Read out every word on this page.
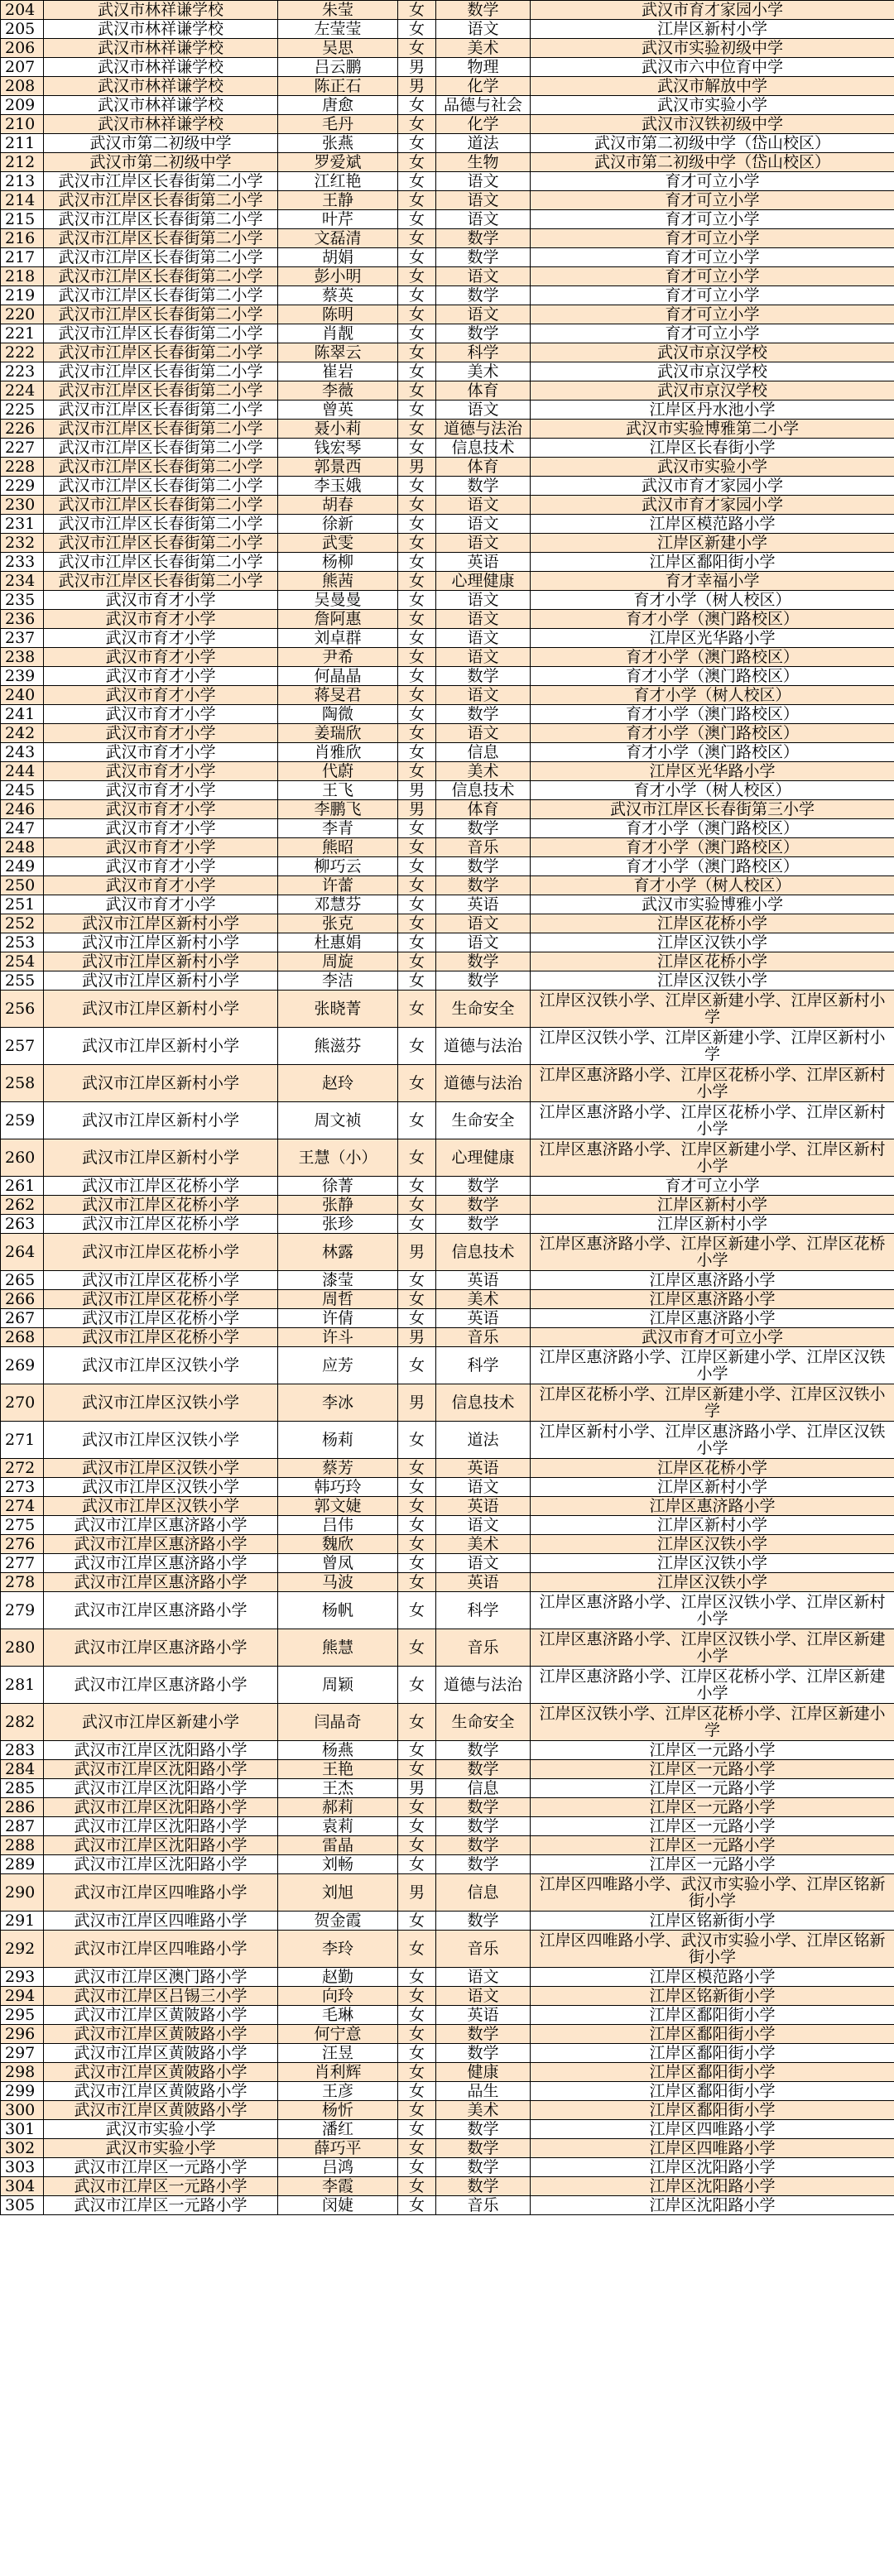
204	武汉市林祥谦学校	朱莹	女	数学	武汉市育才家园小学
205	武汉市林祥谦学校	左莹莹	女	语文	江岸区新村小学
206	武汉市林祥谦学校	吴思	女	美术	武汉市实验初级中学
207	武汉市林祥谦学校	吕云鹏	男	物理	武汉市六中位育中学
208	武汉市林祥谦学校	陈正石	男	化学	武汉市解放中学
209	武汉市林祥谦学校	唐愈	女	品德与社会	武汉市实验小学
210	武汉市林祥谦学校	毛丹	女	化学	武汉市汉铁初级中学
211	武汉市第二初级中学	张燕	女	道法	武汉市第二初级中学（岱山校区）
212	武汉市第二初级中学	罗爱斌	女	生物	武汉市第二初级中学（岱山校区）
213	武汉市江岸区长春街第二小学	江红艳	女	语文	育才可立小学
214	武汉市江岸区长春街第二小学	王静	女	语文	育才可立小学
215	武汉市江岸区长春街第二小学	叶芹	女	语文	育才可立小学
216	武汉市江岸区长春街第二小学	文磊清	女	数学	育才可立小学
217	武汉市江岸区长春街第二小学	胡娟	女	数学	育才可立小学
218	武汉市江岸区长春街第二小学	彭小明	女	语文	育才可立小学
219	武汉市江岸区长春街第二小学	蔡英	女	数学	育才可立小学
220	武汉市江岸区长春街第二小学	陈明	女	语文	育才可立小学
221	武汉市江岸区长春街第二小学	肖靓	女	数学	育才可立小学
222	武汉市江岸区长春街第二小学	陈翠云	女	科学	武汉市京汉学校
223	武汉市江岸区长春街第二小学	崔岩	女	美术	武汉市京汉学校
224	武汉市江岸区长春街第二小学	李薇	女	体育	武汉市京汉学校
225	武汉市江岸区长春街第二小学	曾英	女	语文	江岸区丹水池小学
226	武汉市江岸区长春街第二小学	聂小莉	女	道德与法治	武汉市实验博雅第二小学
227	武汉市江岸区长春街第二小学	钱宏琴	女	信息技术	江岸区长春街小学
228	武汉市江岸区长春街第二小学	郭景西	男	体育	武汉市实验小学
229	武汉市江岸区长春街第二小学	李玉娥	女	数学	武汉市育才家园小学
230	武汉市江岸区长春街第二小学	胡春	女	语文	武汉市育才家园小学
231	武汉市江岸区长春街第二小学	徐新	女	语文	江岸区模范路小学
232	武汉市江岸区长春街第二小学	武雯	女	语文	江岸区新建小学
233	武汉市江岸区长春街第二小学	杨柳	女	英语	江岸区鄱阳街小学
234	武汉市江岸区长春街第二小学	熊茜	女	心理健康	育才幸福小学
235	武汉市育才小学	吴曼曼	女	语文	育才小学（树人校区）
236	武汉市育才小学	詹阿惠	女	语文	育才小学（澳门路校区）
237	武汉市育才小学	刘卓群	女	语文	江岸区光华路小学
238	武汉市育才小学	尹希	女	语文	育才小学（澳门路校区）
239	武汉市育才小学	何晶晶	女	数学	育才小学（澳门路校区）
240	武汉市育才小学	蒋旻君	女	语文	育才小学（树人校区）
241	武汉市育才小学	陶微	女	数学	育才小学（澳门路校区）
242	武汉市育才小学	姜瑞欣	女	语文	育才小学（澳门路校区）
243	武汉市育才小学	肖雅欣	女	信息	育才小学（澳门路校区）
244	武汉市育才小学	代蔚	女	美术	江岸区光华路小学
245	武汉市育才小学	王飞	男	信息技术	育才小学（树人校区）
246	武汉市育才小学	李鹏飞	男	体育	武汉市江岸区长春街第三小学
247	武汉市育才小学	李青	女	数学	育才小学（澳门路校区）
248	武汉市育才小学	熊昭	女	音乐	育才小学（澳门路校区）
249	武汉市育才小学	柳巧云	女	数学	育才小学（澳门路校区）
250	武汉市育才小学	许蕾	女	数学	育才小学（树人校区）
251	武汉市育才小学	邓慧芬	女	英语	武汉市实验博雅小学
252	武汉市江岸区新村小学	张克	女	语文	江岸区花桥小学
253	武汉市江岸区新村小学	杜惠娟	女	语文	江岸区汉铁小学
254	武汉市江岸区新村小学	周旋	女	数学	江岸区花桥小学
255	武汉市江岸区新村小学	李洁	女	数学	江岸区汉铁小学
256	武汉市江岸区新村小学	张晓菁	女	生命安全	江岸区汉铁小学、江岸区新建小学、江岸区新村小学
257	武汉市江岸区新村小学	熊滋芬	女	道德与法治	江岸区汉铁小学、江岸区新建小学、江岸区新村小学
258	武汉市江岸区新村小学	赵玲	女	道德与法治	江岸区惠济路小学、江岸区花桥小学、江岸区新村小学
259	武汉市江岸区新村小学	周文祯	女	生命安全	江岸区惠济路小学、江岸区花桥小学、江岸区新村小学
260	武汉市江岸区新村小学	王慧（小）	女	心理健康	江岸区惠济路小学、江岸区新建小学、江岸区新村小学
261	武汉市江岸区花桥小学	徐菁	女	数学	育才可立小学
262	武汉市江岸区花桥小学	张静	女	数学	江岸区新村小学
263	武汉市江岸区花桥小学	张珍	女	数学	江岸区新村小学
264	武汉市江岸区花桥小学	林露	男	信息技术	江岸区惠济路小学、江岸区新建小学、江岸区花桥小学
265	武汉市江岸区花桥小学	漆莹	女	英语	江岸区惠济路小学
266	武汉市江岸区花桥小学	周哲	女	美术	江岸区惠济路小学
267	武汉市江岸区花桥小学	许倩	女	英语	江岸区惠济路小学
268	武汉市江岸区花桥小学	许斗	男	音乐	武汉市育才可立小学
269	武汉市江岸区汉铁小学	应芳	女	科学	江岸区惠济路小学、江岸区新建小学、江岸区汉铁小学
270	武汉市江岸区汉铁小学	李冰	男	信息技术	江岸区花桥小学、江岸区新建小学、江岸区汉铁小学
271	武汉市江岸区汉铁小学	杨莉	女	道法	江岸区新村小学、江岸区惠济路小学、江岸区汉铁小学
272	武汉市江岸区汉铁小学	蔡芳	女	英语	江岸区花桥小学
273	武汉市江岸区汉铁小学	韩巧玲	女	语文	江岸区新村小学
274	武汉市江岸区汉铁小学	郭文婕	女	英语	江岸区惠济路小学
275	武汉市江岸区惠济路小学	吕伟	女	语文	江岸区新村小学
276	武汉市江岸区惠济路小学	魏欣	女	美术	江岸区汉铁小学
277	武汉市江岸区惠济路小学	曾凤	女	语文	江岸区汉铁小学
278	武汉市江岸区惠济路小学	马波	女	英语	江岸区汉铁小学
279	武汉市江岸区惠济路小学	杨帆	女	科学	江岸区惠济路小学、江岸区汉铁小学、江岸区新村小学
280	武汉市江岸区惠济路小学	熊慧	女	音乐	江岸区惠济路小学、江岸区汉铁小学、江岸区新建小学
281	武汉市江岸区惠济路小学	周颖	女	道德与法治	江岸区惠济路小学、江岸区花桥小学、江岸区新建小学
282	武汉市江岸区新建小学	闫晶奇	女	生命安全	江岸区汉铁小学、江岸区花桥小学、江岸区新建小学
283	武汉市江岸区沈阳路小学	杨燕	女	数学	江岸区一元路小学
284	武汉市江岸区沈阳路小学	王艳	女	数学	江岸区一元路小学
285	武汉市江岸区沈阳路小学	王杰	男	信息	江岸区一元路小学
286	武汉市江岸区沈阳路小学	郝莉	女	数学	江岸区一元路小学
287	武汉市江岸区沈阳路小学	袁莉	女	数学	江岸区一元路小学
288	武汉市江岸区沈阳路小学	雷晶	女	数学	江岸区一元路小学
289	武汉市江岸区沈阳路小学	刘畅	女	数学	江岸区一元路小学
290	武汉市江岸区四唯路小学	刘旭	男	信息	江岸区四唯路小学、武汉市实验小学、江岸区铭新街小学
291	武汉市江岸区四唯路小学	贺金霞	女	数学	江岸区铭新街小学
292	武汉市江岸区四唯路小学	李玲	女	音乐	江岸区四唯路小学、武汉市实验小学、江岸区铭新街小学
293	武汉市江岸区澳门路小学	赵勤	女	语文	江岸区模范路小学
294	武汉市江岸区吕锡三小学	向玲	女	语文	江岸区铭新街小学
295	武汉市江岸区黄陂路小学	毛琳	女	英语	江岸区鄱阳街小学
296	武汉市江岸区黄陂路小学	何宁意	女	数学	江岸区鄱阳街小学
297	武汉市江岸区黄陂路小学	汪昱	女	数学	江岸区鄱阳街小学
298	武汉市江岸区黄陂路小学	肖利辉	女	健康	江岸区鄱阳街小学
299	武汉市江岸区黄陂路小学	王彦	女	品生	江岸区鄱阳街小学
300	武汉市江岸区黄陂路小学	杨忻	女	美术	江岸区鄱阳街小学
301	武汉市实验小学	潘红	女	数学	江岸区四唯路小学
302	武汉市实验小学	薛巧平	女	数学	江岸区四唯路小学
303	武汉市江岸区一元路小学	吕鸿	女	数学	江岸区沈阳路小学
304	武汉市江岸区一元路小学	李霞	女	数学	江岸区沈阳路小学
305	武汉市江岸区一元路小学	闵婕	女	音乐	江岸区沈阳路小学
